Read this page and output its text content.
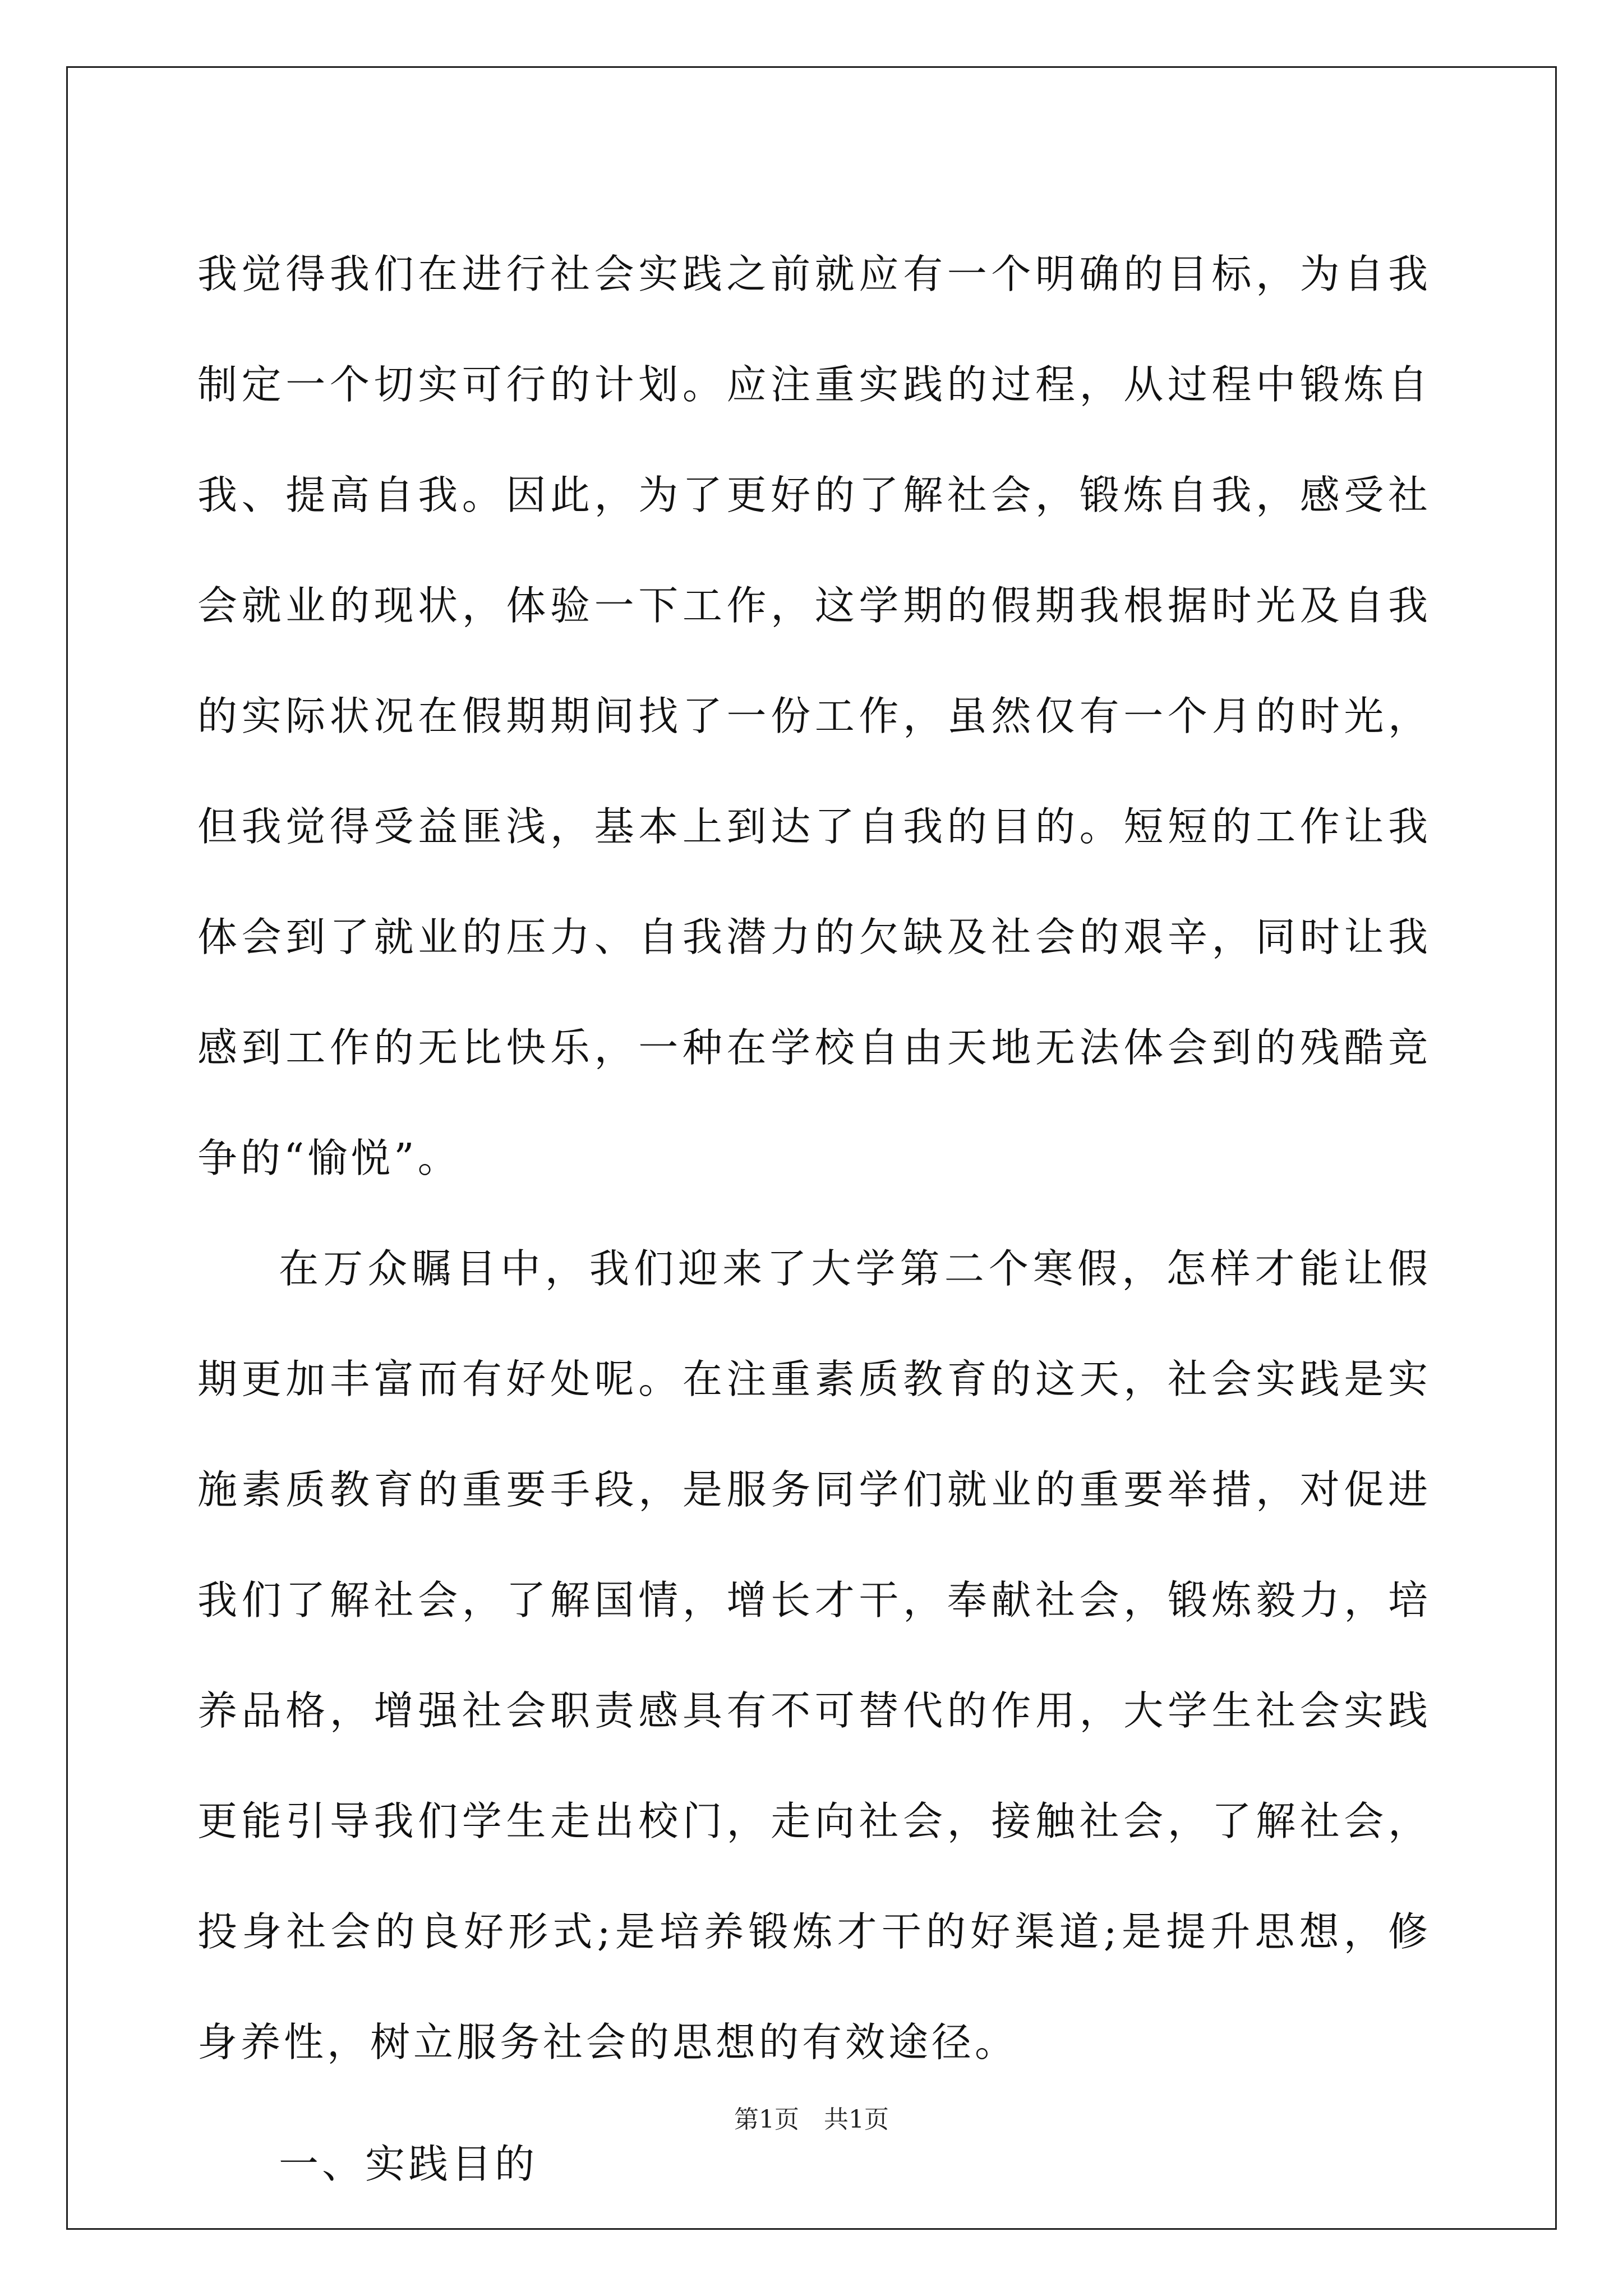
我觉得我们在进行社会实践之前就应有一个明确的目标，为自我制定一个切实可行的计划。应注重实践的过程，从过程中锻炼自我、提高自我。因此，为了更好的了解社会，锻炼自我，感受社会就业的现状，体验一下工作，这学期的假期我根据时光及自我的实际状况在假期期间找了一份工作，虽然仅有一个月的时光，但我觉得受益匪浅，基本上到达了自我的目的。短短的工作让我体会到了就业的压力、自我潜力的欠缺及社会的艰辛，同时让我感到工作的无比快乐，一种在学校自由天地无法体会到的残酷竞争的“愉悦”。

在万众瞩目中，我们迎来了大学第二个寒假，怎样才能让假期更加丰富而有好处呢。在注重素质教育的这天，社会实践是实施素质教育的重要手段，是服务同学们就业的重要举措，对促进我们了解社会，了解国情，增长才干，奉献社会，锻炼毅力，培养品格，增强社会职责感具有不可替代的作用，大学生社会实践更能引导我们学生走出校门，走向社会，接触社会，了解社会，投身社会的良好形式;是培养锻炼才干的好渠道;是提升思想，修身养性，树立服务社会的思想的有效途径。

一、实践目的

第1页 共1页
